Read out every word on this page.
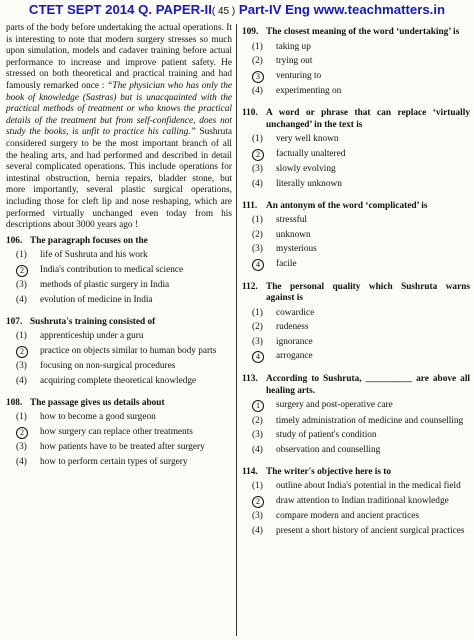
CTET SEPT 2014 Q. PAPER-II( 45 ) Part-IV Eng www.teachmatters.in

parts of the body before undertaking the actual operations. It is interesting to note that modern surgery stresses so much upon simulation, models and cadaver training before actual performance to increase and improve patient safety. He stressed on both theoretical and practical training and had famously remarked once : “The physician who has only the book of knowledge (Sastras) but is unacquainted with the practical methods of treatment or who knows the practical details of the treatment but from self-confidence, does not study the books, is unfit to practice his calling.” Sushruta considered surgery to be the most important branch of all the healing arts, and had performed and described in detail several complicated operations. This include operations for intestinal obstruction, hernia repairs, bladder stone, but more importantly, several plastic surgical operations, including those for cleft lip and nose reshaping, which are performed virtually unchanged even today from his descriptions about 3000 years ago !

106. The paragraph focuses on the
(1)	life of Sushruta and his work
2	India's contribution to medical science
(3)	methods of plastic surgery in India
(4)	evolution of medicine in India
107. Sushruta's training consisted of
(1)	apprenticeship under a guru
2	practice on objects similar to human body parts
(3)	focusing on non-surgical procedures
(4)	acquiring complete theoretical knowledge
108. The passage gives us details about
(1)	how to become a good surgeon
2	how surgery can replace other treatments
(3)	how patients have to be treated after surgery
(4)	how to perform certain types of surgery
109. The closest meaning of the word ‘undertaking’ is
(1)	taking up
(2)	trying out
3	venturing to
(4)	experimenting on
110. A word or phrase that can replace ‘virtually unchanged’ in the text is
(1)	very well known
2	factually unaltered
(3)	slowly evolving
(4)	literally unknown
111. An antonym of the word ‘complicated’ is
(1)	stressful
(2)	unknown
(3)	mysterious
4	facile
112. The personal quality which Sushruta warns against is
(1)	cowardice
(2)	rudeness
(3)	ignorance
4	arrogance
113. According to Sushruta, __________ are above all healing arts.
1	surgery and post-operative care
(2)	timely administration of medicine and counselling
(3)	study of patient's condition
(4)	observation and counselling
114. The writer's objective here is to
(1)	outline about India's potential in the medical field
2	draw attention to Indian traditional knowledge
(3)	compare modern and ancient practices
(4)	present a short history of ancient surgical practices
